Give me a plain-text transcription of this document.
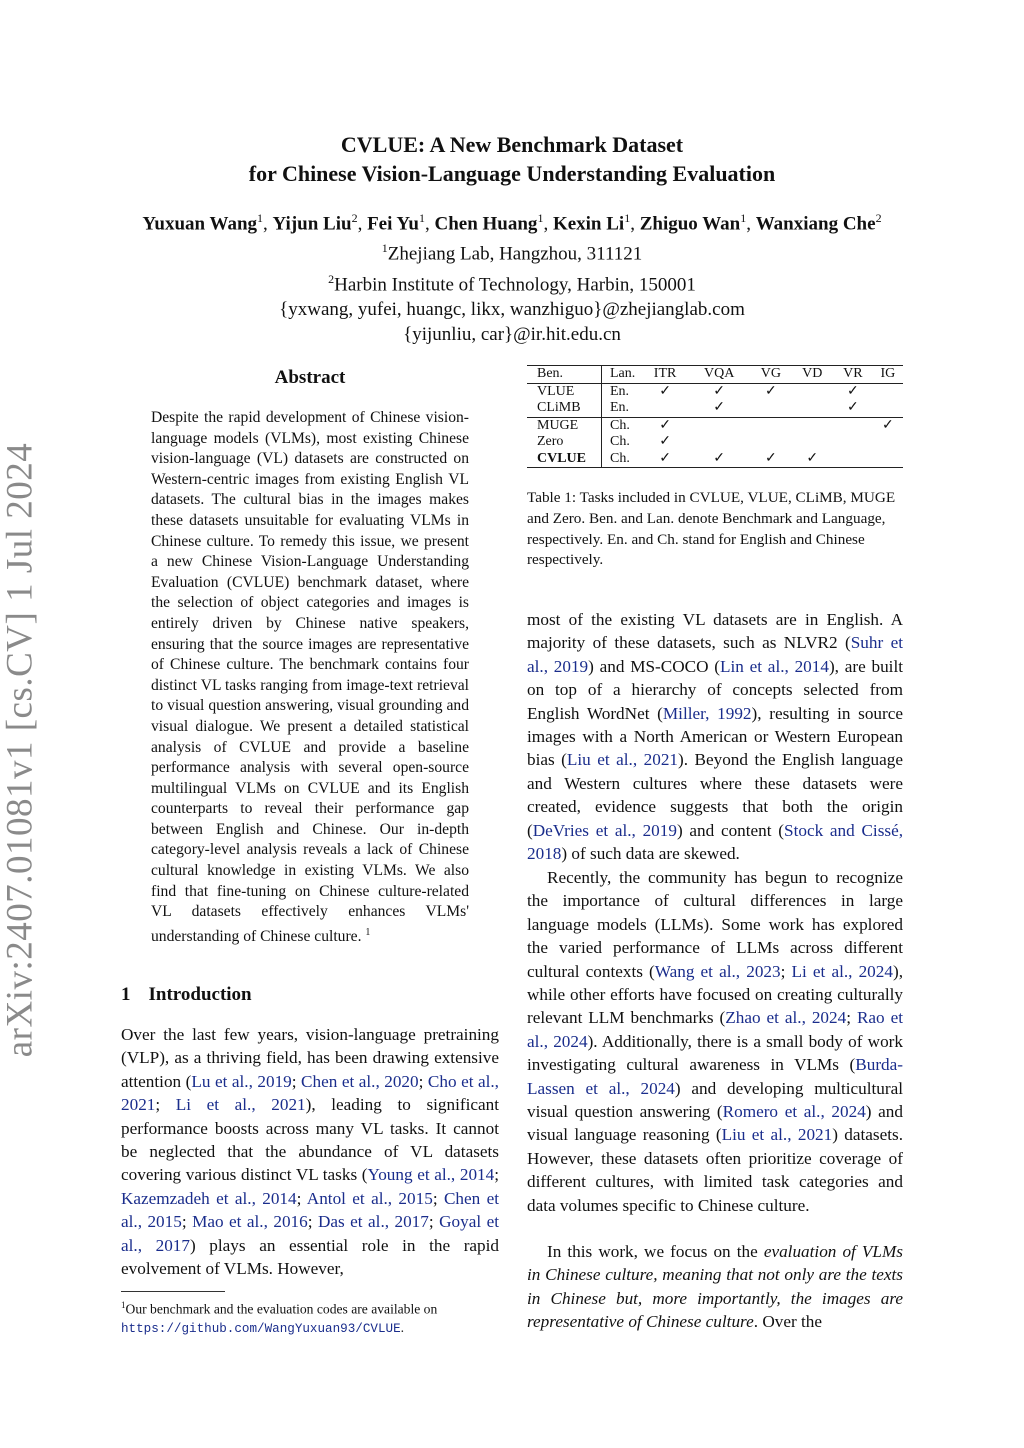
arXiv:2407.01081v1 [cs.CV] 1 Jul 2024
CVLUE: A New Benchmark Dataset
for Chinese Vision-Language Understanding Evaluation
Yuxuan Wang$^1$, Yijun Liu$^2$, Fei Yu$^1$, Chen Huang$^1$, Kexin Li$^1$, Zhiguo Wan$^1$, Wanxiang Che$^2$
$^1$Zhejiang Lab, Hangzhou, 311121
$^2$Harbin Institute of Technology, Harbin, 150001
{yxwang, yufei, huangc, likx, wanzhiguo}@zhejianglab.com
{yijunliu, car}@ir.hit.edu.cn
Abstract

Despite the rapid development of Chinese vision-language models (VLMs), most existing Chinese vision-language (VL) datasets are constructed on Western-centric images from existing English VL datasets. The cultural bias in the images makes these datasets unsuitable for evaluating VLMs in Chinese culture. To remedy this issue, we present a new Chinese Vision-Language Understanding Evaluation (CVLUE) benchmark dataset, where the selection of object categories and images is entirely driven by Chinese native speakers, ensuring that the source images are representative of Chinese culture. The benchmark contains four distinct VL tasks ranging from image-text retrieval to visual question answering, visual grounding and visual dialogue. We present a detailed statistical analysis of CVLUE and provide a baseline performance analysis with several open-source multilingual VLMs on CVLUE and its English counterparts to reveal their performance gap between English and Chinese. Our in-depth category-level analysis reveals a lack of Chinese cultural knowledge in existing VLMs. We also find that fine-tuning on Chinese culture-related VL datasets effectively enhances VLMs' understanding of Chinese culture. $^1$

1 Introduction

Over the last few years, vision-language pretraining (VLP), as a thriving field, has been drawing extensive attention (Lu et al., 2019; Chen et al., 2020; Cho et al., 2021; Li et al., 2021), leading to significant performance boosts across many VL tasks. It cannot be neglected that the abundance of VL datasets covering various distinct VL tasks (Young et al., 2014; Kazemzadeh et al., 2014; Antol et al., 2015; Chen et al., 2015; Mao et al., 2016; Das et al., 2017; Goyal et al., 2017) plays an essential role in the rapid evolvement of VLMs. However,

$^1$Our benchmark and the evaluation codes are available on https://github.com/WangYuxuan93/CVLUE.

Ben.	Lan.	ITR	VQA	VG	VD	VR	IG
VLUE	En.	✓	✓	✓		✓	
CLiMB	En.		✓			✓	
MUGE	Ch.	✓					✓
Zero	Ch.	✓					
CVLUE	Ch.	✓	✓	✓	✓		

Table 1: Tasks included in CVLUE, VLUE, CLiMB, MUGE and Zero. Ben. and Lan. denote Benchmark and Language, respectively. En. and Ch. stand for English and Chinese respectively.

most of the existing VL datasets are in English. A majority of these datasets, such as NLVR2 (Suhr et al., 2019) and MS-COCO (Lin et al., 2014), are built on top of a hierarchy of concepts selected from English WordNet (Miller, 1992), resulting in source images with a North American or Western European bias (Liu et al., 2021). Beyond the English language and Western cultures where these datasets were created, evidence suggests that both the origin (DeVries et al., 2019) and content (Stock and Cissé, 2018) of such data are skewed.

Recently, the community has begun to recognize the importance of cultural differences in large language models (LLMs). Some work has explored the varied performance of LLMs across different cultural contexts (Wang et al., 2023; Li et al., 2024), while other efforts have focused on creating culturally relevant LLM benchmarks (Zhao et al., 2024; Rao et al., 2024). Additionally, there is a small body of work investigating cultural awareness in VLMs (Burda-Lassen et al., 2024) and developing multicultural visual question answering (Romero et al., 2024) and visual language reasoning (Liu et al., 2021) datasets. However, these datasets often prioritize coverage of different cultures, with limited task categories and data volumes specific to Chinese culture.

In this work, we focus on the evaluation of VLMs in Chinese culture, meaning that not only are the texts in Chinese but, more importantly, the images are representative of Chinese culture. Over the
